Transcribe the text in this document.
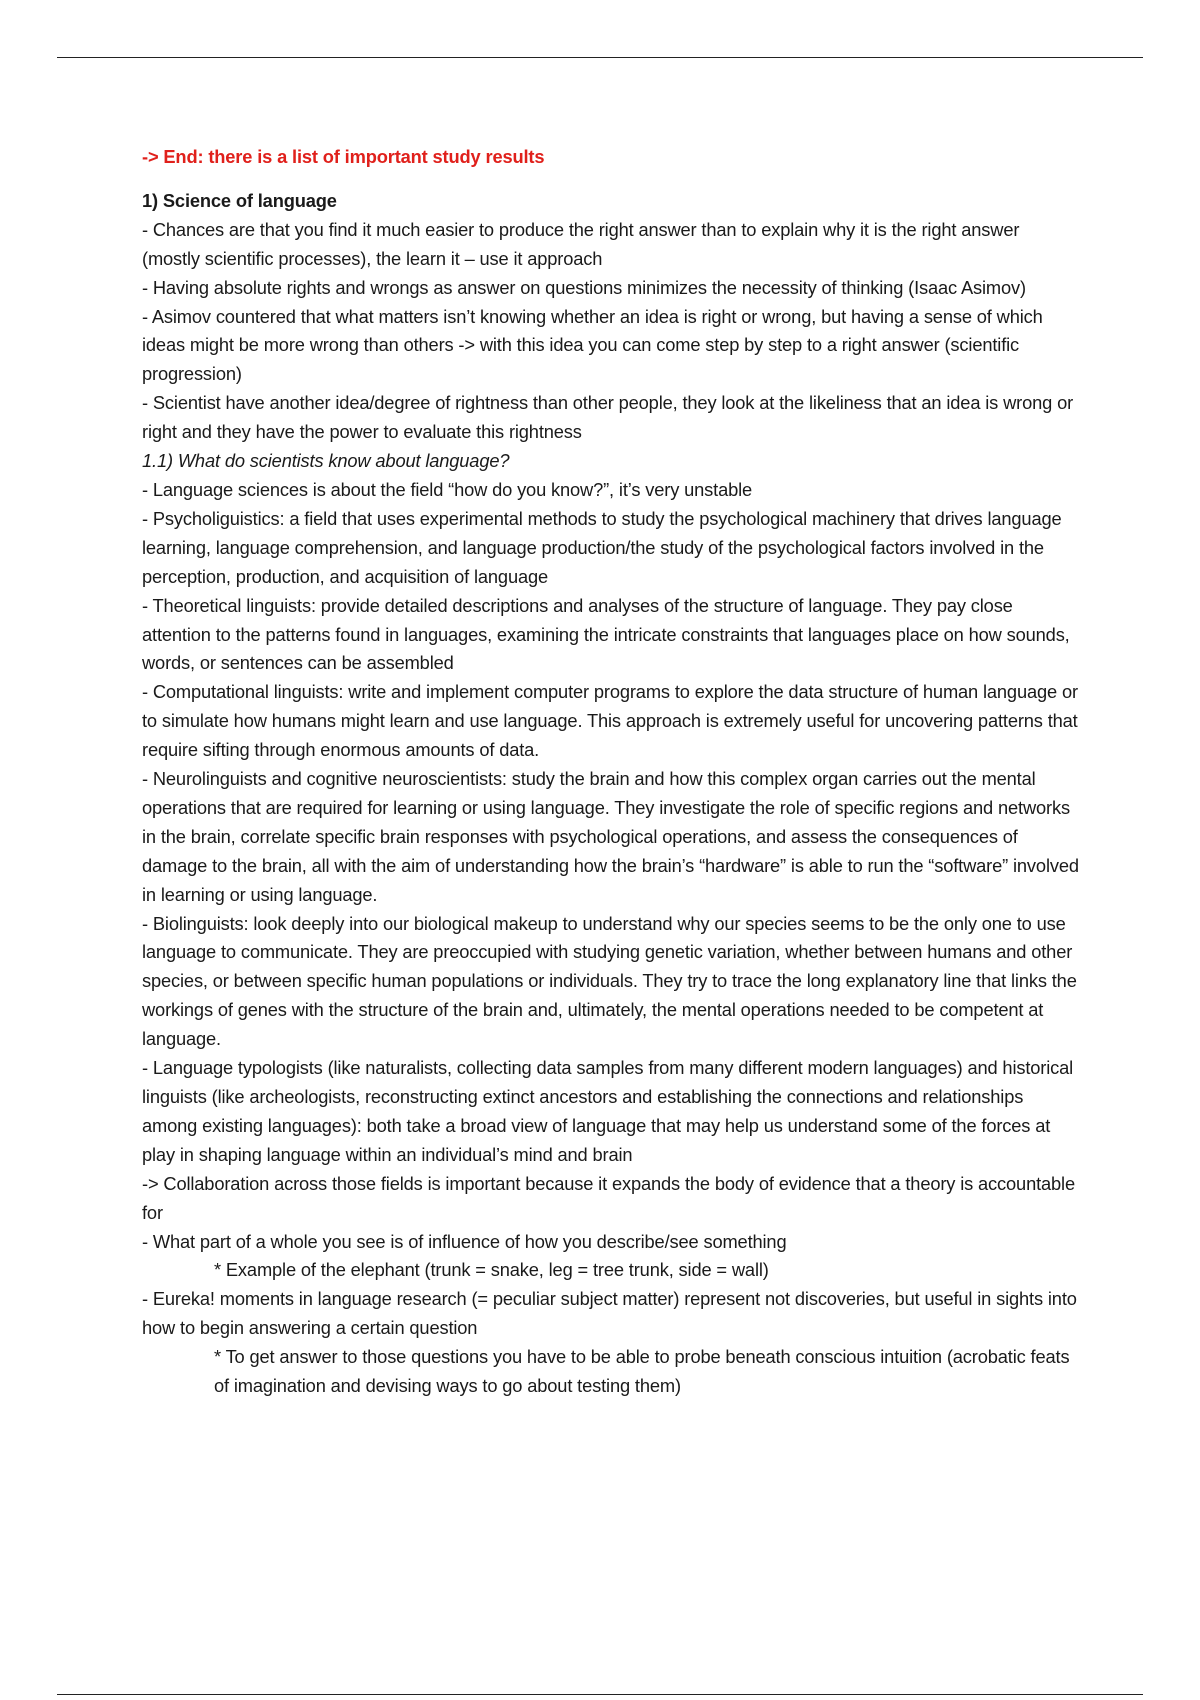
-> End: there is a list of important study results

1) Science of language

- Chances are that you find it much easier to produce the right answer than to explain why it is the right answer (mostly scientific processes), the learn it – use it approach

- Having absolute rights and wrongs as answer on questions minimizes the necessity of thinking (Isaac Asimov)

- Asimov countered that what matters isn’t knowing whether an idea is right or wrong, but having a sense of which ideas might be more wrong than others -> with this idea you can come step by step to a right answer (scientific progression)

- Scientist have another idea/degree of rightness than other people, they look at the likeliness that an idea is wrong or right and they have the power to evaluate this rightness

1.1) What do scientists know about language?

- Language sciences is about the field “how do you know?”, it’s very unstable

- Psycholiguistics: a field that uses experimental methods to study the psychological machinery that drives language learning, language comprehension, and language production/the study of the psychological factors involved in the perception, production, and acquisition of language

- Theoretical linguists: provide detailed descriptions and analyses of the structure of language. They pay close attention to the patterns found in languages, examining the intricate constraints that languages place on how sounds, words, or sentences can be assembled

- Computational linguists: write and implement computer programs to explore the data structure of human language or to simulate how humans might learn and use language. This approach is extremely useful for uncovering patterns that require sifting through enormous amounts of data.

- Neurolinguists and cognitive neuroscientists: study the brain and how this complex organ carries out the mental operations that are required for learning or using language. They investigate the role of specific regions and networks in the brain, correlate specific brain responses with psychological operations, and assess the consequences of damage to the brain, all with the aim of understanding how the brain’s “hardware” is able to run the “software” involved in learning or using language.

- Biolinguists: look deeply into our biological makeup to understand why our species seems to be the only one to use language to communicate. They are preoccupied with studying genetic variation, whether between humans and other species, or between specific human populations or individuals. They try to trace the long explanatory line that links the workings of genes with the structure of the brain and, ultimately, the mental operations needed to be competent at language.

- Language typologists (like naturalists, collecting data samples from many different modern languages) and historical linguists (like archeologists, reconstructing extinct ancestors and establishing the connections and relationships among existing languages): both take a broad view of language that may help us understand some of the forces at play in shaping language within an individual’s mind and brain

-> Collaboration across those fields is important because it expands the body of evidence that a theory is accountable for

- What part of a whole you see is of influence of how you describe/see something

* Example of the elephant (trunk = snake, leg = tree trunk, side = wall)

- Eureka! moments in language research (= peculiar subject matter) represent not discoveries, but useful in sights into how to begin answering a certain question

* To get answer to those questions you have to be able to probe beneath conscious intuition (acrobatic feats of imagination and devising ways to go about testing them)
